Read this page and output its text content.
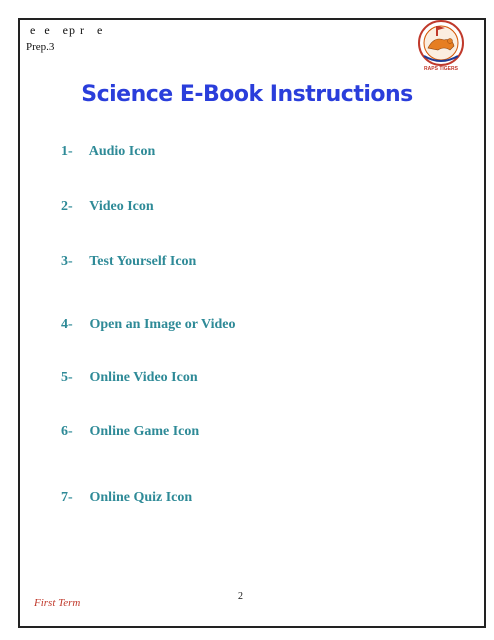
e  e   ep r   e
Prep.3
RAPS TIGERS
Science E-Book Instructions
1- Audio Icon
2- Video Icon
3- Test Yourself Icon
4- Open an Image or Video
5- Online Video Icon
6- Online Game Icon
7- Online Quiz Icon
2
First Term
